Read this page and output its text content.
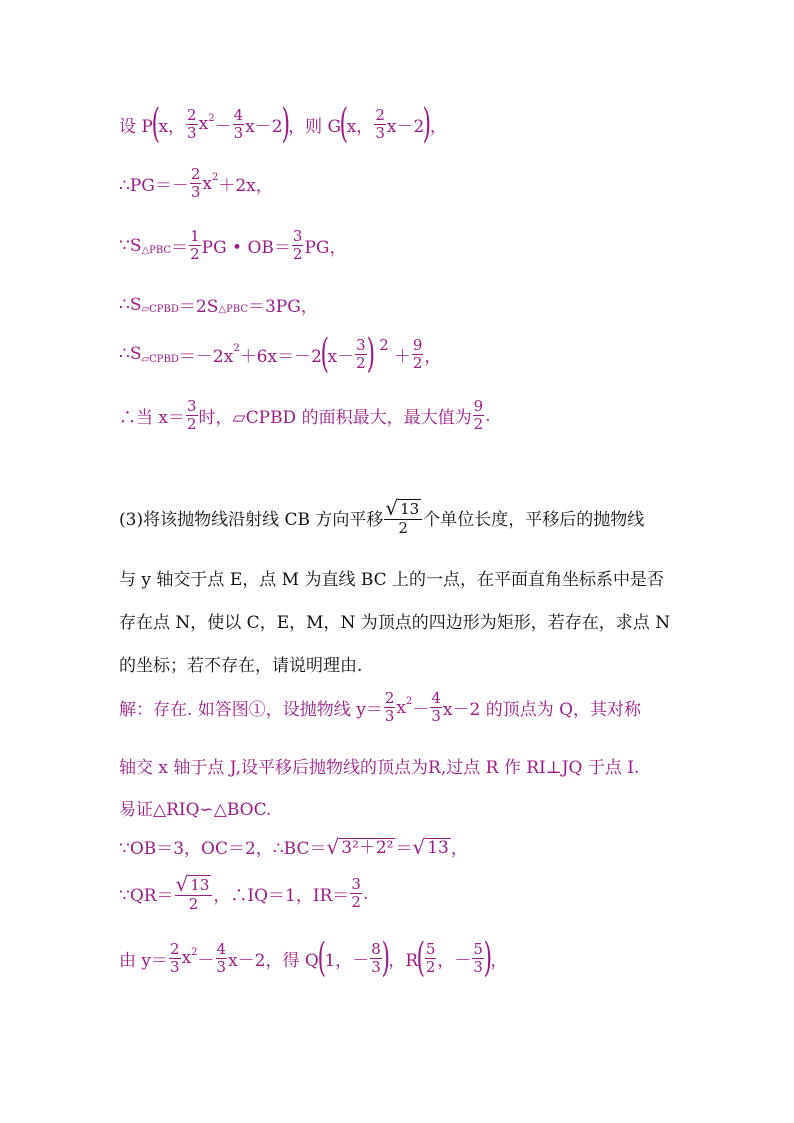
设 P
(
x， $\frac{2}{3}$ x $2 - \frac{4}{3} x-2$
)
，则 G
(
x， $\frac{2}{3} x-2$
)
，
∴PG＝－ $\frac{2}{3}$ x 2 ＋2x，
∵S △PBC ＝ $\frac{1}{2}$ PG • $OB= \frac{3}{2}$ PG，
∴S ▱CPBD ＝2S △PBC ＝3PG，
∴S ▱CPBD ＝－2x 2 ＋6x＝－2
(
$x- \frac{3}{2}$ ) 2
＋ $\frac{9}{2}$ ，
∴当 $x= \frac{3}{2}$ 时，▱CPBD 的面积最大，最大值为 $\frac{9}{2}$ .
(3)将该抛物线沿射线 CB 方向平移 $\frac{√ 13}{2}$ 个单位长度，平移后的抛物线
与 y 轴交于点 E，点 M 为直线 BC 上的一点，在平面直角坐标系中是否
存在点 N，使以 C，E，M，N 为顶点的四边形为矩形，若存在，求点 N
的坐标；若不存在，请说明理由.
解：存在. 如答图①，设抛物线 $y= \frac{2}{3}$ x $2 - \frac{4}{3} x-2$ 的顶点为 Q，其对称
轴交 x 轴于点 J,设平移后抛物线的顶点为R,过点 R 作 RI⊥JQ 于点 I.
易证△RIQ∽△BOC.
∵OB＝3，OC＝2，∴BC＝ √ 3²＋2² ＝ √ 13 ，
∵QR＝ $\frac{√ 13}{2}$ ，∴IQ＝1，$IR= \frac{3}{2}$ .
由 $y= \frac{2}{3}$ x $2 - \frac{4}{3} x-2$，得 Q
(
1，－ $\frac{8}{3}$ )
，R
( $\frac{5}{2}$ ，－ $\frac{5}{3}$ )
，
